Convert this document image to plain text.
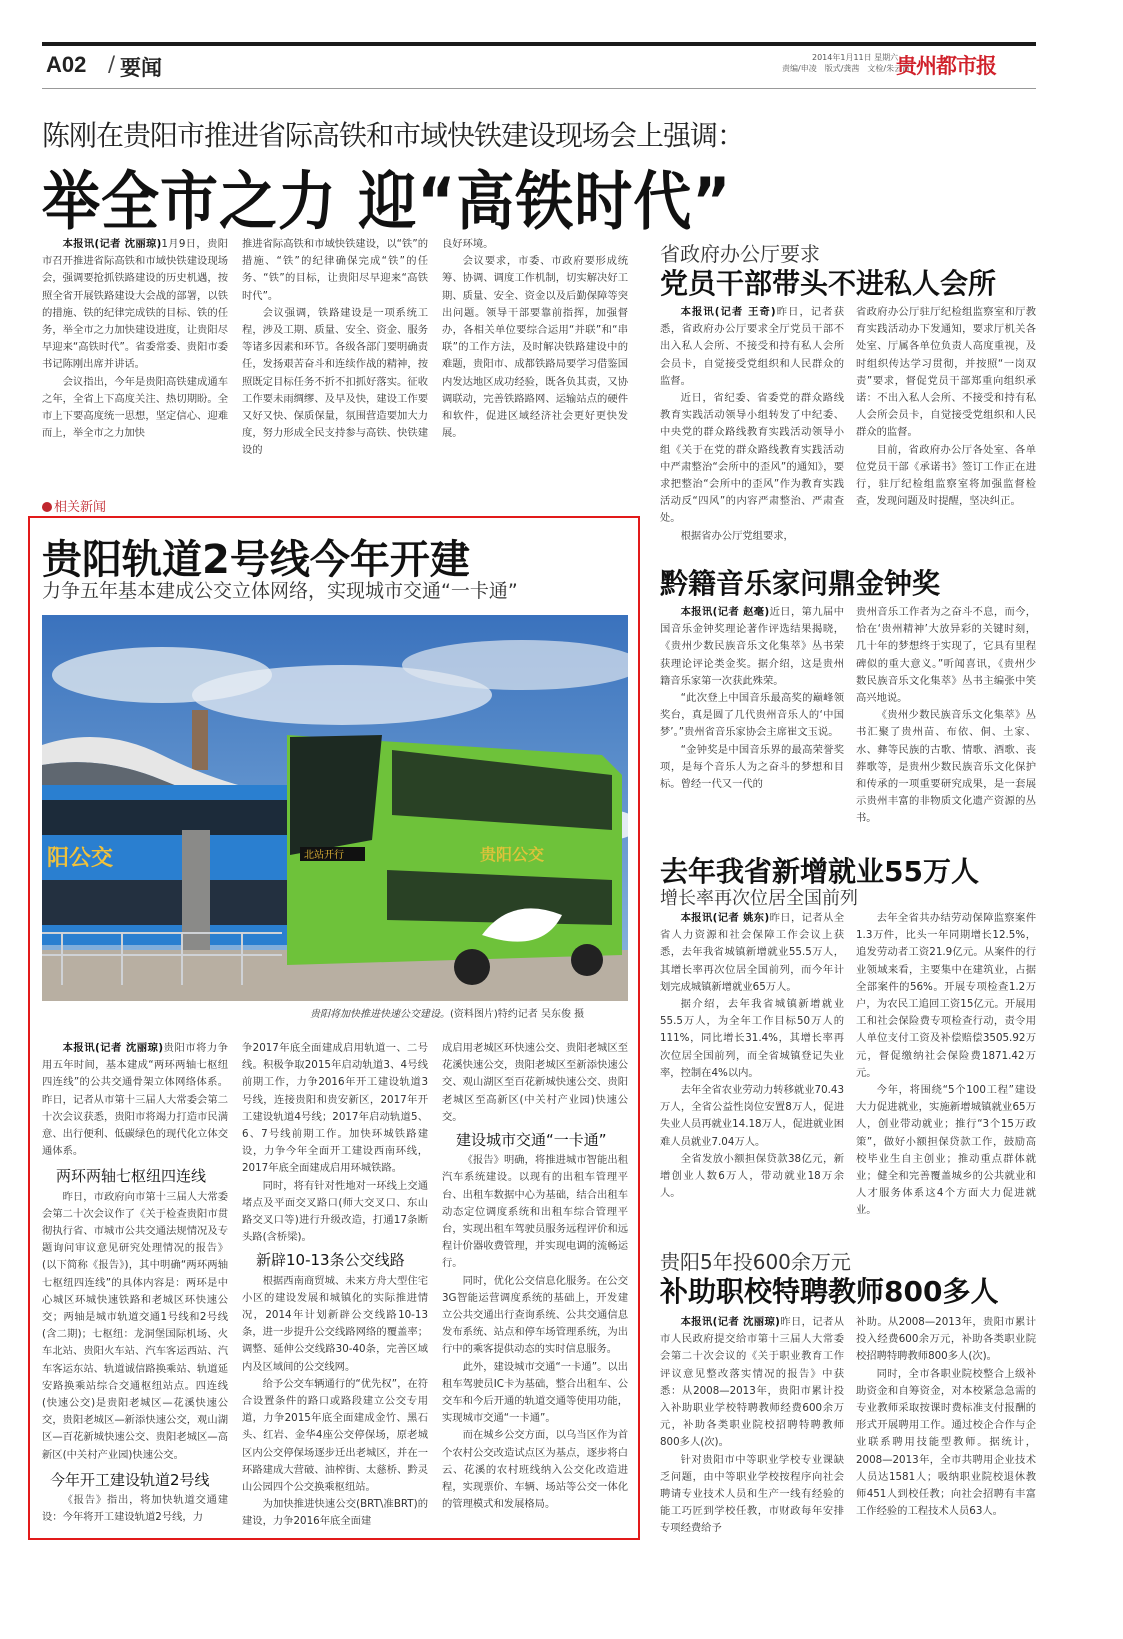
A02 / 要闻	2014年1月11日 星期六
责编/申凌　版式/龚茜　文检/朱云霞
贵州都市报
陈刚在贵阳市推进省际高铁和市域快铁建设现场会上强调：
举全市之力 迎“高铁时代”

本报讯(记者 沈丽琼)1月9日，贵阳市召开推进省际高铁和市域快铁建设现场会，强调要抢抓铁路建设的历史机遇，按照全省开展铁路建设大会战的部署，以铁的措施、铁的纪律完成铁的目标、铁的任务，举全市之力加快建设进度，让贵阳尽早迎来“高铁时代”。省委常委、贵阳市委书记陈刚出席并讲话。

会议指出，今年是贵阳高铁建成通车之年，全省上下高度关注、热切期盼。全市上下要高度统一思想，坚定信心、迎难而上，举全市之力加快

推进省际高铁和市域快铁建设，以“铁”的措施、“铁”的纪律确保完成“铁”的任务、“铁”的目标，让贵阳尽早迎来“高铁时代”。

会议强调，铁路建设是一项系统工程，涉及工期、质量、安全、资金、服务等诸多因素和环节。各级各部门要明确责任，发扬艰苦奋斗和连续作战的精神，按照既定目标任务不折不扣抓好落实。征收工作要未雨绸缪、及早及快，建设工作要又好又快、保质保量，氛围营造要加大力度，努力形成全民支持参与高铁、快铁建设的

良好环境。

会议要求，市委、市政府要形成统筹、协调、调度工作机制，切实解决好工期、质量、安全、资金以及后勤保障等突出问题。领导干部要靠前指挥，加强督办，各相关单位要综合运用“并联”和“串联”的工作方法，及时解决铁路建设中的难题，贵阳市、成都铁路局要学习借鉴国内发达地区成功经验，既各负其责，又协调联动，完善铁路路网、运输站点的硬件和软件，促进区域经济社会更好更快发展。

省政府办公厅要求
党员干部带头不进私人会所

本报讯(记者 王奇)昨日，记者获悉，省政府办公厅要求全厅党员干部不出入私人会所、不接受和持有私人会所会员卡，自觉接受党组织和人民群众的监督。

近日，省纪委、省委党的群众路线教育实践活动领导小组转发了中纪委、中央党的群众路线教育实践活动领导小组《关于在党的群众路线教育实践活动中严肃整治“会所中的歪风”的通知》，要求把整治“会所中的歪风”作为教育实践活动反“四风”的内容严肃整治、严肃查处。

根据省办公厅党组要求，

省政府办公厅驻厅纪检组监察室和厅教育实践活动办下发通知，要求厅机关各处室、厅属各单位负责人高度重视，及时组织传达学习贯彻，并按照“一岗双责”要求，督促党员干部郑重向组织承诺：不出入私人会所、不接受和持有私人会所会员卡，自觉接受党组织和人民群众的监督。

目前，省政府办公厅各处室、各单位党员干部《承诺书》签订工作正在进行，驻厅纪检组监察室将加强监督检查，发现问题及时提醒，坚决纠正。

相关新闻
贵阳轨道2号线今年开建
力争五年基本建成公交立体网络，实现城市交通“一卡通”
阳公交	北站开行	贵阳公交
贵阳将加快推进快速公交建设。(资料图片)特约记者 吴东俊 摄

本报讯(记者 沈丽琼)贵阳市将力争用五年时间，基本建成“两环两轴七枢纽四连线”的公共交通骨架立体网络体系。昨日，记者从市第十三届人大常委会第二十次会议获悉，贵阳市将竭力打造市民满意、出行便利、低碳绿色的现代化立体交通体系。

两环两轴七枢纽四连线

昨日，市政府向市第十三届人大常委会第二十次会议作了《关于检查贵阳市贯彻执行省、市城市公共交通法规情况及专题询问审议意见研究处理情况的报告》(以下简称《报告》)，其中明确“两环两轴七枢纽四连线”的具体内容是：两环是中心城区环城快速铁路和老城区环快速公交；两轴是城市轨道交通1号线和2号线(含二期)；七枢纽：龙洞堡国际机场、火车北站、贵阳火车站、汽车客运西站、汽车客运东站、轨道诚信路换乘站、轨道延安路换乘站综合交通枢纽站点。四连线(快速公交)是贵阳老城区—花溪快速公交，贵阳老城区—新添快速公交，观山湖区—百花新城快速公交、贵阳老城区—高新区(中关村产业园)快速公交。

今年开工建设轨道2号线

《报告》指出，将加快轨道交通建设：今年将开工建设轨道2号线，力

争2017年底全面建成启用轨道一、二号线。积极争取2015年启动轨道3、4号线前期工作，力争2016年开工建设轨道3号线，连接贵阳和贵安新区，2017年开工建设轨道4号线；2017年启动轨道5、6、7号线前期工作。加快环城铁路建设，力争今年全面开工建设西南环线，2017年底全面建成启用环城铁路。

同时，将有针对性地对一环线上交通堵点及平面交叉路口(师大交叉口、东山路交叉口等)进行升级改造，打通17条断头路(含桥梁)。

新辟10-13条公交线路

根据西南商贸城、未来方舟大型住宅小区的建设发展和城镇化的实际推进情况，2014年计划新辟公交线路10-13条，进一步提升公交线路网络的覆盖率；调整、延伸公交线路30-40条，完善区域内及区域间的公交线网。

给予公交车辆通行的“优先权”，在符合设置条件的路口或路段建立公交专用道，力争2015年底全面建成金竹、黑石头、红岩、金华4座公交停保场，原老城区内公交停保场逐步迁出老城区，并在一环路建成大营破、油榨街、太慈桥、黔灵山公园四个公交换乘枢纽站。

为加快推进快速公交(BRT\准BRT)的建设，力争2016年底全面建

成启用老城区环快速公交、贵阳老城区至花溪快速公交，贵阳老城区至新添快速公交、观山湖区至百花新城快速公交、贵阳老城区至高新区(中关村产业园)快速公交。

建设城市交通“一卡通”

《报告》明确，将推进城市智能出租汽车系统建设。以现有的出租车管理平台、出租车数据中心为基础，结合出租车动态定位调度系统和出租车综合管理平台，实现出租车驾驶员服务远程评价和远程计价器收费管理，并实现电调的流畅运行。

同时，优化公交信息化服务。在公交3G智能运营调度系统的基础上，开发建立公共交通出行查询系统、公共交通信息发布系统、站点和停车场管理系统，为出行中的乘客提供动态的实时信息服务。

此外，建设城市交通“一卡通”。以出租车驾驶员IC卡为基础，整合出租车、公交车和今后开通的轨道交通等使用功能，实现城市交通“一卡通”。

而在城乡公交方面，以乌当区作为首个农村公交改造试点区为基点，逐步将白云、花溪的农村班线纳入公交化改造进程，实现票价、车辆、场站等公交一体化的管理模式和发展格局。

黔籍音乐家问鼎金钟奖

本报讯(记者 赵毫)近日，第九届中国音乐金钟奖理论著作评选结果揭晓，《贵州少数民族音乐文化集萃》丛书荣获理论评论类金奖。据介绍，这是贵州籍音乐家第一次获此殊荣。

“此次登上中国音乐最高奖的巅峰领奖台，真是圆了几代贵州音乐人的‘中国梦’。”贵州省音乐家协会主席崔文玉说。

“金钟奖是中国音乐界的最高荣誉奖项，是每个音乐人为之奋斗的梦想和目标。曾经一代又一代的

贵州音乐工作者为之奋斗不息，而今，恰在‘贵州精神’大放异彩的关键时刻，几十年的梦想终于实现了，它具有里程碑似的重大意义。”听闻喜讯，《贵州少数民族音乐文化集萃》丛书主编张中笑高兴地说。

《贵州少数民族音乐文化集萃》丛书汇聚了贵州苗、布依、侗、土家、水、彝等民族的古歌、情歌、酒歌、丧葬歌等，是贵州少数民族音乐文化保护和传承的一项重要研究成果，是一套展示贵州丰富的非物质文化遗产资源的丛书。

去年我省新增就业55万人
增长率再次位居全国前列

本报讯(记者 姚东)昨日，记者从全省人力资源和社会保障工作会议上获悉，去年我省城镇新增就业55.5万人，其增长率再次位居全国前列，而今年计划完成城镇新增就业65万人。

据介绍，去年我省城镇新增就业55.5万人，为全年工作目标50万人的111%，同比增长31.4%，其增长率再次位居全国前列，而全省城镇登记失业率，控制在4%以内。

去年全省农业劳动力转移就业70.43万人，全省公益性岗位安置8万人，促进失业人员再就业14.18万人，促进就业困难人员就业7.04万人。

全省发放小额担保贷款38亿元，新增创业人数6万人，带动就业18万余人。

去年全省共办结劳动保障监察案件1.3万件，比头一年同期增长12.5%，追发劳动者工资21.9亿元。从案件的行业领域来看，主要集中在建筑业，占据全部案件的56%。开展专项检查1.2万户，为农民工追回工资15亿元。开展用工和社会保险费专项检查行动，责令用人单位支付工资及补偿赔偿3505.92万元，督促缴纳社会保险费1871.42万元。

今年，将围绕“5个100工程”建设大力促进就业，实施新增城镇就业65万人，创业带动就业；推行“3个15万政策”，做好小额担保贷款工作，鼓励高校毕业生自主创业；推动重点群体就业；健全和完善覆盖城乡的公共就业和人才服务体系这4个方面大力促进就业。

贵阳5年投600余万元
补助职校特聘教师800多人

本报讯(记者 沈丽琼)昨日，记者从市人民政府提交给市第十三届人大常委会第二十次会议的《关于职业教育工作评议意见整改落实情况的报告》中获悉：从2008—2013年，贵阳市累计投入补助职业学校特聘教师经费600余万元，补助各类职业院校招聘特聘教师800多人(次)。

针对贵阳市中等职业学校专业课缺乏问题，由中等职业学校按程序向社会聘请专业技术人员和生产一线有经验的能工巧匠到学校任教，市财政每年安排专项经费给予

补助。从2008—2013年，贵阳市累计投入经费600余万元，补助各类职业院校招聘特聘教师800多人(次)。

同时，全市各职业院校整合上级补助资金和自筹资金，对本校紧急急需的专业教师采取按课时费标准支付报酬的形式开展聘用工作。通过校企合作与企业联系聘用技能型教师。据统计，2008—2013年，全市共聘用企业技术人员达1581人；吸纳职业院校退休教师451人到校任教；向社会招聘有丰富工作经验的工程技术人员63人。
